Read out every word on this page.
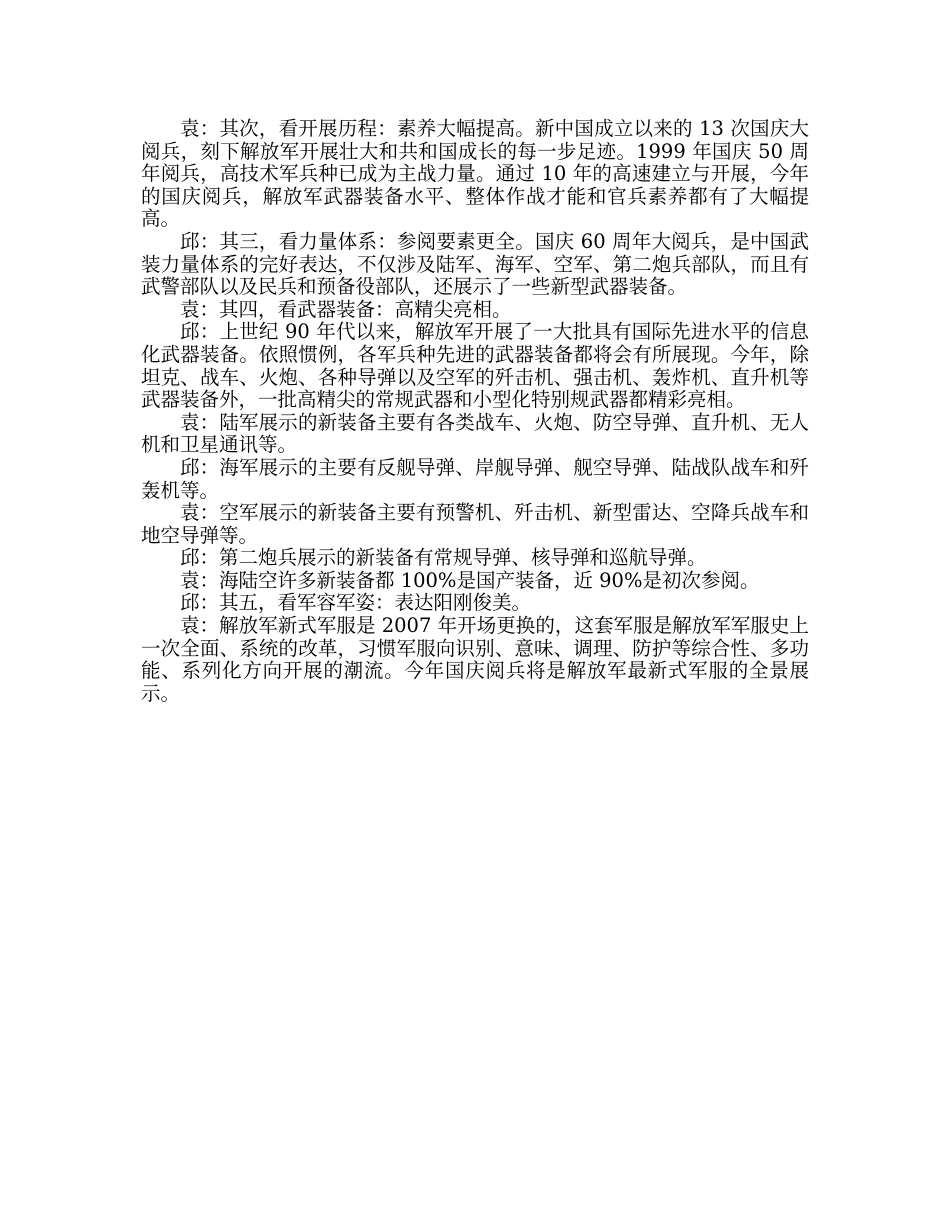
袁：其次，看开展历程：素养大幅提高。新中国成立以来的 13 次国庆大阅兵，刻下解放军开展壮大和共和国成长的每一步足迹。1999 年国庆 50 周年阅兵，高技术军兵种已成为主战力量。通过 10 年的高速建立与开展，今年的国庆阅兵，解放军武器装备水平、整体作战才能和官兵素养都有了大幅提高。

邱：其三，看力量体系：参阅要素更全。国庆 60 周年大阅兵，是中国武装力量体系的完好表达，不仅涉及陆军、海军、空军、第二炮兵部队，而且有武警部队以及民兵和预备役部队，还展示了一些新型武器装备。

袁：其四，看武器装备：高精尖亮相。

邱：上世纪 90 年代以来，解放军开展了一大批具有国际先进水平的信息化武器装备。依照惯例，各军兵种先进的武器装备都将会有所展现。今年，除坦克、战车、火炮、各种导弹以及空军的歼击机、强击机、轰炸机、直升机等武器装备外，一批高精尖的常规武器和小型化特别规武器都精彩亮相。

袁：陆军展示的新装备主要有各类战车、火炮、防空导弹、直升机、无人机和卫星通讯等。

邱：海军展示的主要有反舰导弹、岸舰导弹、舰空导弹、陆战队战车和歼轰机等。

袁：空军展示的新装备主要有预警机、歼击机、新型雷达、空降兵战车和地空导弹等。

邱：第二炮兵展示的新装备有常规导弹、核导弹和巡航导弹。

袁：海陆空许多新装备都 100%是国产装备，近 90%是初次参阅。

邱：其五，看军容军姿：表达阳刚俊美。

袁：解放军新式军服是 2007 年开场更换的，这套军服是解放军军服史上一次全面、系统的改革，习惯军服向识别、意味、调理、防护等综合性、多功能、系列化方向开展的潮流。今年国庆阅兵将是解放军最新式军服的全景展示。
